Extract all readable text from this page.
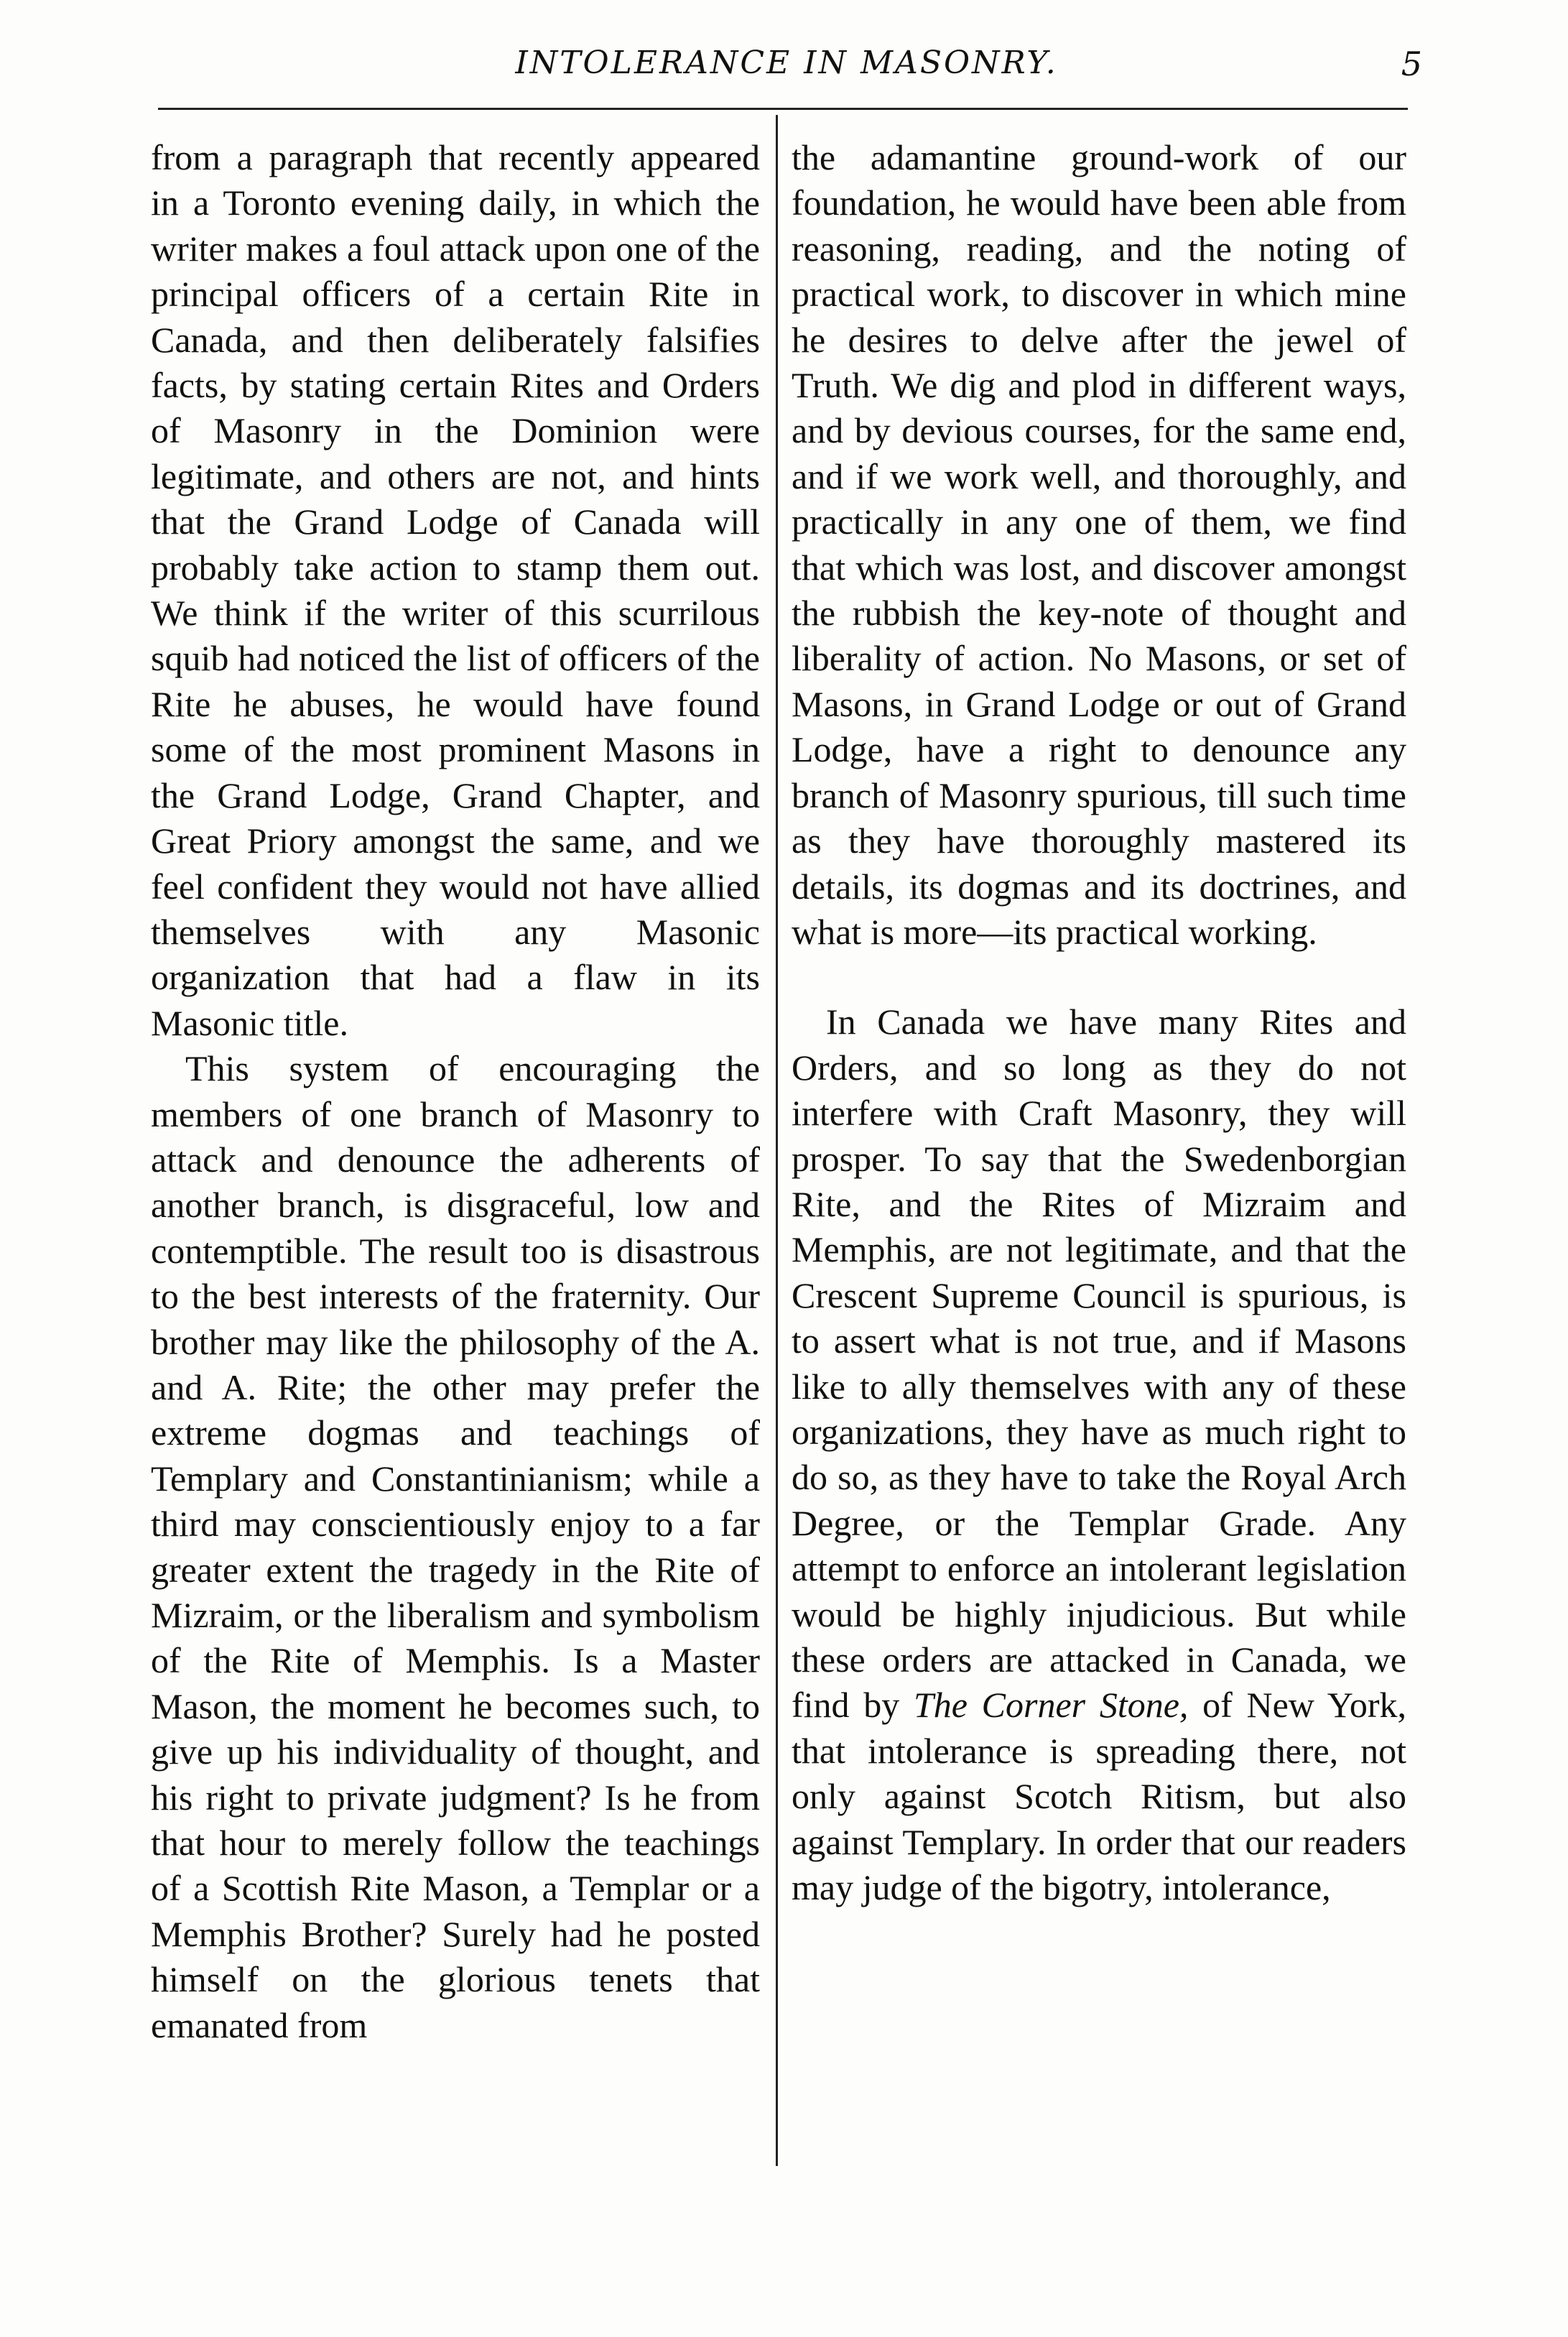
INTOLERANCE IN MASONRY.	5

from a paragraph that recently appeared in a Toronto evening daily, in which the writer makes a foul attack upon one of the principal officers of a certain Rite in Canada, and then deliberately falsifies facts, by stating certain Rites and Orders of Masonry in the Dominion were legitimate, and others are not, and hints that the Grand Lodge of Canada will probably take action to stamp them out. We think if the writer of this scurrilous squib had noticed the list of officers of the Rite he abuses, he would have found some of the most prominent Masons in the Grand Lodge, Grand Chapter, and Great Priory amongst the same, and we feel confident they would not have allied themselves with any Masonic organization that had a flaw in its Masonic title.

This system of encouraging the members of one branch of Masonry to attack and denounce the adherents of another branch, is disgraceful, low and contemptible. The result too is disastrous to the best interests of the fraternity. Our brother may like the philosophy of the A. and A. Rite; the other may prefer the extreme dogmas and teachings of Templary and Constantinianism; while a third may conscientiously enjoy to a far greater extent the tragedy in the Rite of Mizraim, or the liberalism and symbolism of the Rite of Memphis. Is a Master Mason, the moment he becomes such, to give up his individuality of thought, and his right to private judgment? Is he from that hour to merely follow the teachings of a Scottish Rite Mason, a Templar or a Memphis Brother? Surely had he posted himself on the glorious tenets that emanated from

the adamantine ground-work of our foundation, he would have been able from reasoning, reading, and the noting of practical work, to discover in which mine he desires to delve after the jewel of Truth. We dig and plod in different ways, and by devious courses, for the same end, and if we work well, and thoroughly, and practically in any one of them, we find that which was lost, and discover amongst the rubbish the key-note of thought and liberality of action. No Masons, or set of Masons, in Grand Lodge or out of Grand Lodge, have a right to denounce any branch of Masonry spurious, till such time as they have thoroughly mastered its details, its dogmas and its doctrines, and what is more—its practical working.

In Canada we have many Rites and Orders, and so long as they do not interfere with Craft Masonry, they will prosper. To say that the Swedenborgian Rite, and the Rites of Mizraim and Memphis, are not legitimate, and that the Crescent Supreme Council is spurious, is to assert what is not true, and if Masons like to ally themselves with any of these organizations, they have as much right to do so, as they have to take the Royal Arch Degree, or the Templar Grade. Any attempt to enforce an intolerant legislation would be highly injudicious. But while these orders are attacked in Canada, we find by The Corner Stone, of New York, that intolerance is spreading there, not only against Scotch Ritism, but also against Templary. In order that our readers may judge of the bigotry, intolerance,
